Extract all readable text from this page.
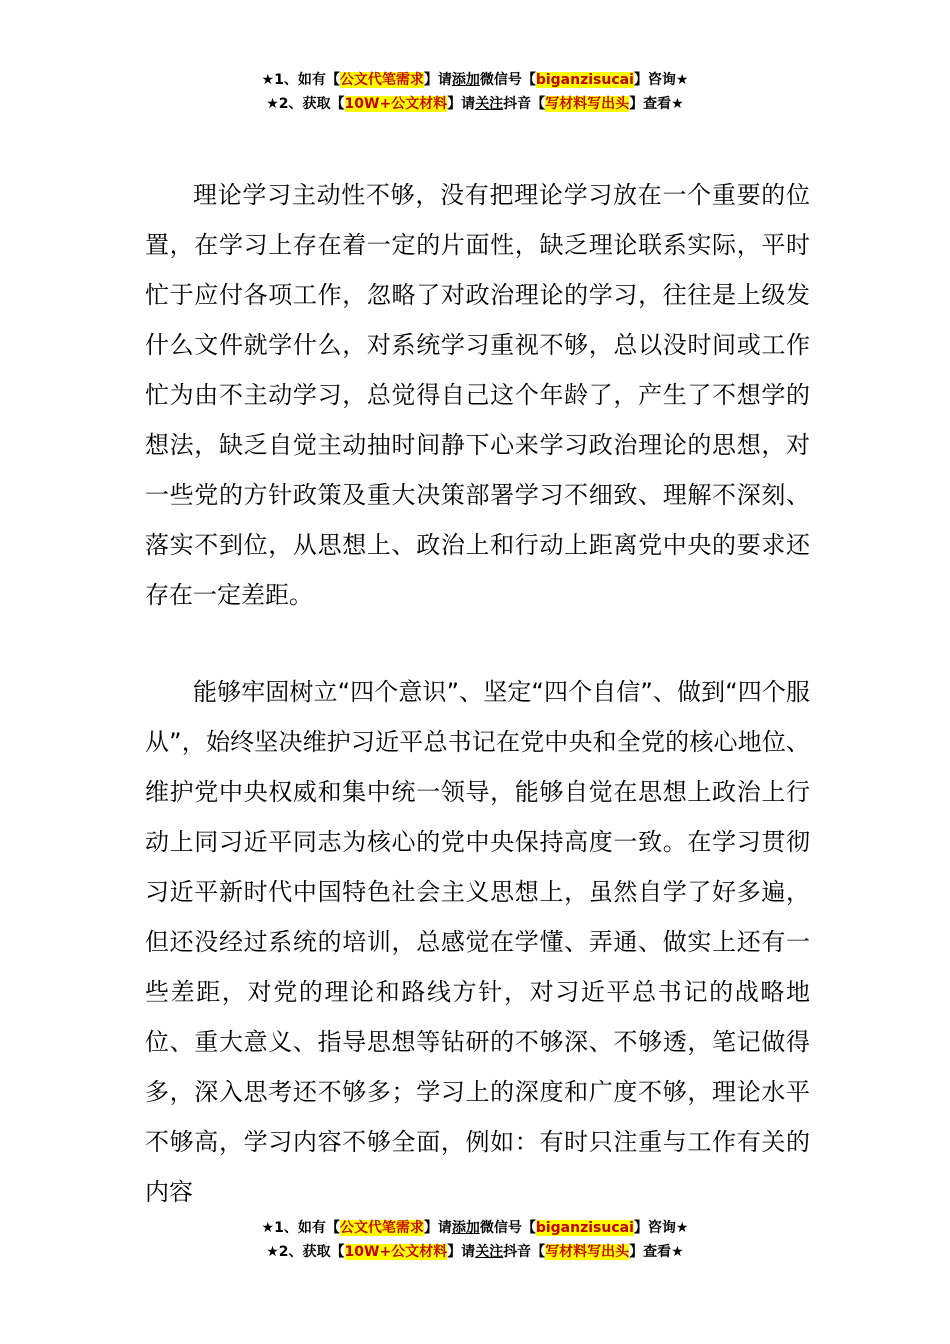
★1、如有【公文代笔需求】请添加微信号【biganzisucai】咨询★
★2、获取【10W+公文材料】请关注抖音【写材料写出头】查看★

理论学习主动性不够，没有把理论学习放在一个重要的位置，在学习上存在着一定的片面性，缺乏理论联系实际，平时忙于应付各项工作，忽略了对政治理论的学习，往往是上级发什么文件就学什么，对系统学习重视不够，总以没时间或工作忙为由不主动学习，总觉得自己这个年龄了，产生了不想学的想法，缺乏自觉主动抽时间静下心来学习政治理论的思想，对一些党的方针政策及重大决策部署学习不细致、理解不深刻、落实不到位，从思想上、政治上和行动上距离党中央的要求还存在一定差距。

能够牢固树立“四个意识”、坚定“四个自信”、做到“四个服从”，始终坚决维护习近平总书记在党中央和全党的核心地位、维护党中央权威和集中统一领导，能够自觉在思想上政治上行动上同习近平同志为核心的党中央保持高度一致。在学习贯彻习近平新时代中国特色社会主义思想上，虽然自学了好多遍，但还没经过系统的培训，总感觉在学懂、弄通、做实上还有一些差距，对党的理论和路线方针，对习近平总书记的战略地位、重大意义、指导思想等钻研的不够深、不够透，笔记做得多，深入思考还不够多；学习上的深度和广度不够，理论水平不够高，学习内容不够全面，例如：有时只注重与工作有关的内容

★1、如有【公文代笔需求】请添加微信号【biganzisucai】咨询★
★2、获取【10W+公文材料】请关注抖音【写材料写出头】查看★
